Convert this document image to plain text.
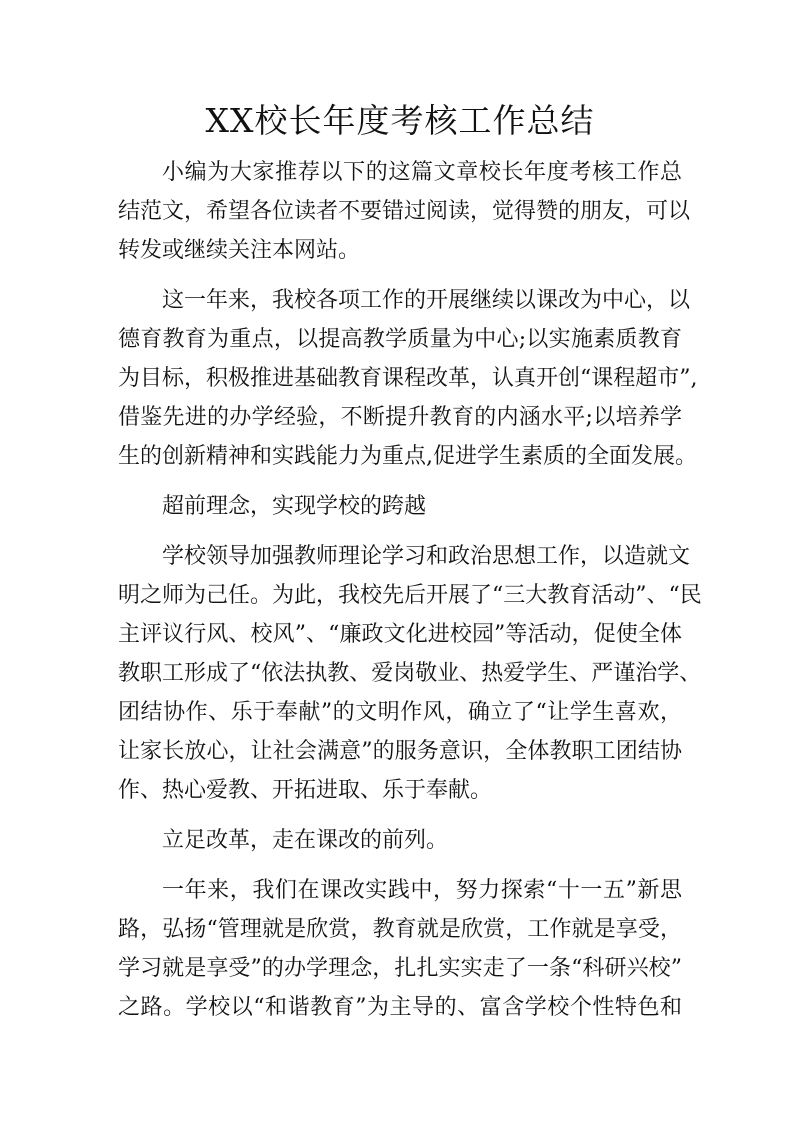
XX校长年度考核工作总结
小编为大家推荐以下的这篇文章校长年度考核工作总
结范文，希望各位读者不要错过阅读，觉得赞的朋友，可以
转发或继续关注本网站。
这一年来，我校各项工作的开展继续以课改为中心，以
德育教育为重点，以提高教学质量为中心;以实施素质教育
为目标，积极推进基础教育课程改革，认真开创“课程超市”,
借鉴先进的办学经验，不断提升教育的内涵水平;以培养学
生的创新精神和实践能力为重点,促进学生素质的全面发展。
超前理念，实现学校的跨越
学校领导加强教师理论学习和政治思想工作，以造就文
明之师为己任。为此，我校先后开展了“三大教育活动”、“民
主评议行风、校风”、“廉政文化进校园”等活动，促使全体
教职工形成了“依法执教、爱岗敬业、热爱学生、严谨治学、
团结协作、乐于奉献”的文明作风，确立了“让学生喜欢，
让家长放心，让社会满意”的服务意识，全体教职工团结协
作、热心爱教、开拓进取、乐于奉献。
立足改革，走在课改的前列。
一年来，我们在课改实践中，努力探索“十一五”新思
路，弘扬“管理就是欣赏，教育就是欣赏，工作就是享受，
学习就是享受”的办学理念，扎扎实实走了一条“科研兴校”
之路。学校以“和谐教育”为主导的、富含学校个性特色和
